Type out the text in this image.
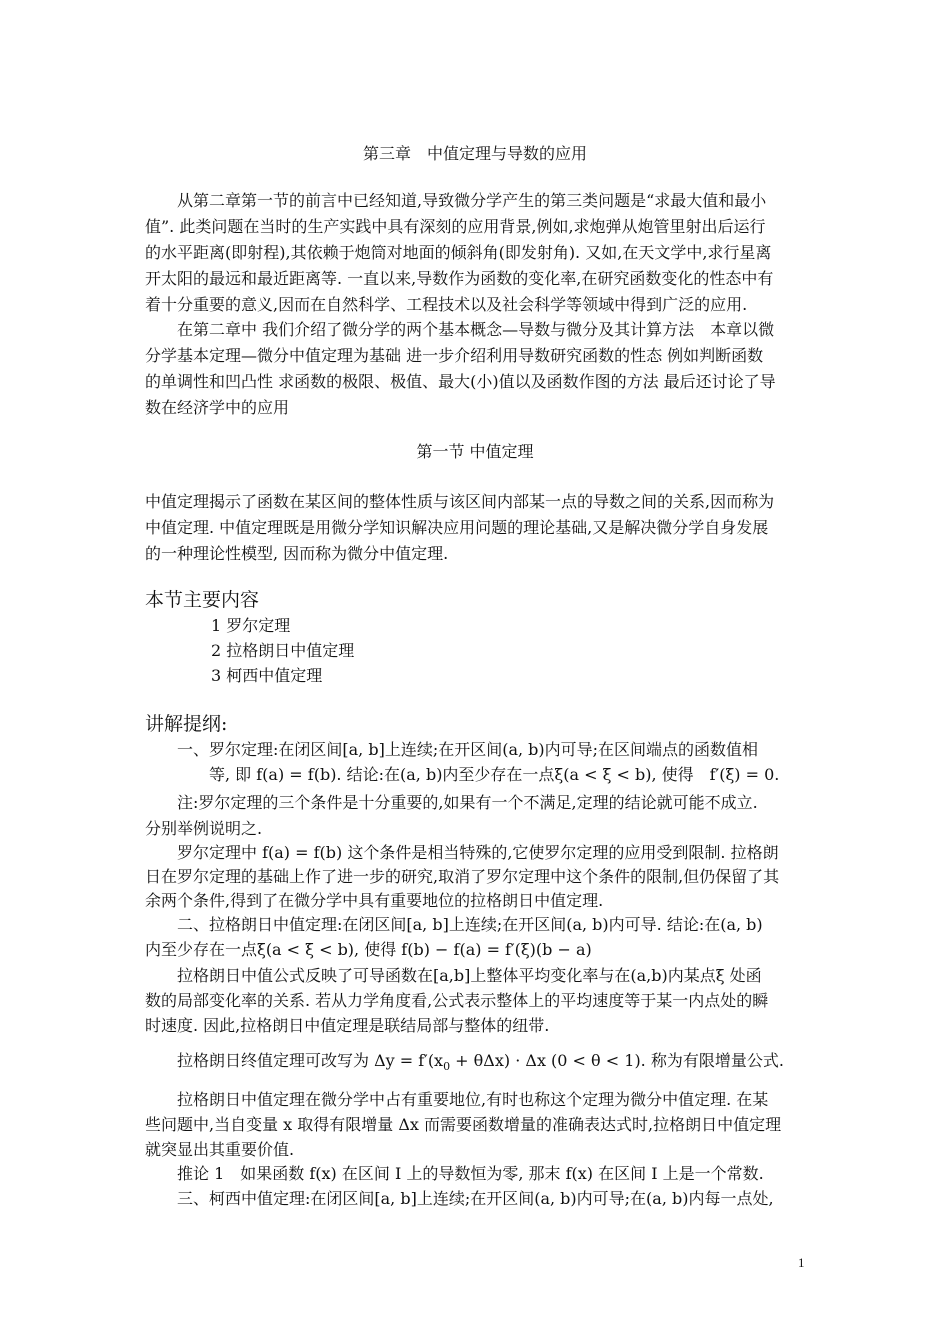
第三章　中值定理与导数的应用
从第二章第一节的前言中已经知道,导致微分学产生的第三类问题是“求最大值和最小
值”. 此类问题在当时的生产实践中具有深刻的应用背景,例如,求炮弹从炮管里射出后运行
的水平距离(即射程),其依赖于炮筒对地面的倾斜角(即发射角). 又如,在天文学中,求行星离
开太阳的最远和最近距离等. 一直以来,导数作为函数的变化率,在研究函数变化的性态中有
着十分重要的意义,因而在自然科学、工程技术以及社会科学等领域中得到广泛的应用.
在第二章中 我们介绍了微分学的两个基本概念—导数与微分及其计算方法　本章以微
分学基本定理—微分中值定理为基础 进一步介绍利用导数研究函数的性态 例如判断函数
的单调性和凹凸性 求函数的极限、极值、最大(小)值以及函数作图的方法 最后还讨论了导
数在经济学中的应用
第一节 中值定理
中值定理揭示了函数在某区间的整体性质与该区间内部某一点的导数之间的关系,因而称为
中值定理. 中值定理既是用微分学知识解决应用问题的理论基础,又是解决微分学自身发展
的一种理论性模型, 因而称为微分中值定理.
本节主要内容
1 罗尔定理
2 拉格朗日中值定理
3 柯西中值定理
讲解提纲:
一、罗尔定理:在闭区间[a, b]上连续;在开区间(a, b)内可导;在区间端点的函数值相
等, 即 f(a) = f(b). 结论:在(a, b)内至少存在一点ξ(a < ξ < b), 使得　f′(ξ) = 0.
注:罗尔定理的三个条件是十分重要的,如果有一个不满足,定理的结论就可能不成立.
分别举例说明之.
罗尔定理中 f(a) = f(b) 这个条件是相当特殊的,它使罗尔定理的应用受到限制. 拉格朗
日在罗尔定理的基础上作了进一步的研究,取消了罗尔定理中这个条件的限制,但仍保留了其
余两个条件,得到了在微分学中具有重要地位的拉格朗日中值定理.
二、拉格朗日中值定理:在闭区间[a, b]上连续;在开区间(a, b)内可导. 结论:在(a, b)
内至少存在一点ξ(a < ξ < b), 使得 f(b) − f(a) = f′(ξ)(b − a)
拉格朗日中值公式反映了可导函数在[a,b]上整体平均变化率与在(a,b)内某点ξ 处函
数的局部变化率的关系. 若从力学角度看,公式表示整体上的平均速度等于某一内点处的瞬
时速度. 因此,拉格朗日中值定理是联结局部与整体的纽带.
拉格朗日终值定理可改写为 $\Delta y = f'(x_0 + \theta\Delta x) \cdot \Delta x$ (0 < θ < 1). 称为有限增量公式.
拉格朗日中值定理在微分学中占有重要地位,有时也称这个定理为微分中值定理. 在某
些问题中,当自变量 x 取得有限增量 Δx 而需要函数增量的准确表达式时,拉格朗日中值定理
就突显出其重要价值.
推论 1　如果函数 f(x) 在区间 I 上的导数恒为零, 那末 f(x) 在区间 I 上是一个常数.
三、柯西中值定理:在闭区间[a, b]上连续;在开区间(a, b)内可导;在(a, b)内每一点处,
1
